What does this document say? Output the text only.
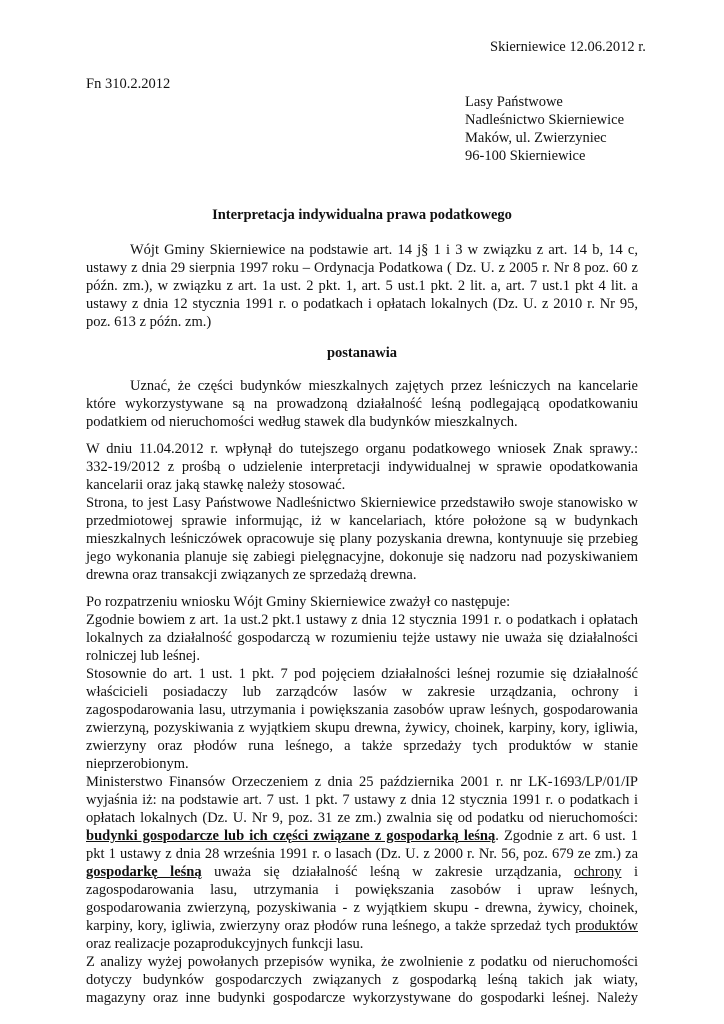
Skierniewice 12.06.2012 r.
Fn 310.2.2012
Lasy Państwowe
Nadleśnictwo Skierniewice
Maków, ul. Zwierzyniec
96-100 Skierniewice
Interpretacja indywidualna prawa podatkowego
Wójt Gminy Skierniewice na podstawie art. 14 j§ 1 i 3 w związku z art. 14 b, 14 c,
ustawy z dnia 29 sierpnia 1997 roku – Ordynacja Podatkowa ( Dz. U. z 2005 r. Nr 8 poz. 60 z
późn. zm.), w związku z art. 1a ust. 2 pkt. 1, art. 5 ust.1 pkt. 2 lit. a, art. 7 ust.1 pkt 4 lit. a
ustawy z dnia 12 stycznia 1991 r. o podatkach i opłatach lokalnych (Dz. U. z 2010 r. Nr 95,
poz. 613 z późn. zm.)
postanawia
Uznać, że części budynków mieszkalnych zajętych przez leśniczych na kancelarie
które wykorzystywane są na prowadzoną działalność leśną podlegającą opodatkowaniu
podatkiem od nieruchomości według stawek dla budynków mieszkalnych.
W dniu 11.04.2012 r. wpłynął do tutejszego organu podatkowego wniosek Znak sprawy.:
332-19/2012 z prośbą o udzielenie interpretacji indywidualnej w sprawie opodatkowania
kancelarii oraz jaką stawkę należy stosować.
Strona, to jest Lasy Państwowe Nadleśnictwo Skierniewice przedstawiło swoje stanowisko w
przedmiotowej sprawie informując, iż w kancelariach, które położone są w budynkach
mieszkalnych leśniczówek opracowuje się plany pozyskania drewna, kontynuuje się przebieg
jego wykonania planuje się zabiegi pielęgnacyjne, dokonuje się nadzoru nad pozyskiwaniem
drewna oraz transakcji związanych ze sprzedażą drewna.
Po rozpatrzeniu wniosku Wójt Gminy Skierniewice zważył co następuje:
Zgodnie bowiem z art. 1a ust.2 pkt.1 ustawy z dnia 12 stycznia 1991 r. o podatkach i opłatach
lokalnych za działalność gospodarczą w rozumieniu tejże ustawy nie uważa się działalności
rolniczej lub leśnej.
Stosownie do art. 1 ust. 1 pkt. 7 pod pojęciem działalności leśnej rozumie się działalność
właścicieli posiadaczy lub zarządców lasów w zakresie urządzania, ochrony i
zagospodarowania lasu, utrzymania i powiększania zasobów upraw leśnych, gospodarowania
zwierzyną, pozyskiwania z wyjątkiem skupu drewna, żywicy, choinek, karpiny, kory, igliwia,
zwierzyny oraz płodów runa leśnego, a także sprzedaży tych produktów w stanie
nieprzerobionym.
Ministerstwo Finansów Orzeczeniem z dnia 25 października 2001 r. nr LK-1693/LP/01/IP
wyjaśnia iż: na podstawie art. 7 ust. 1 pkt. 7 ustawy z dnia 12 stycznia 1991 r. o podatkach i
opłatach lokalnych (Dz. U. Nr 9, poz. 31 ze zm.) zwalnia się od podatku od nieruchomości:
budynki gospodarcze lub ich części związane z gospodarką leśną. Zgodnie z art. 6 ust. 1
pkt 1 ustawy z dnia 28 września 1991 r. o lasach (Dz. U. z 2000 r. Nr. 56, poz. 679 ze zm.) za
gospodarkę leśną uważa się działalność leśną w zakresie urządzania, ochrony i
zagospodarowania lasu, utrzymania i powiększania zasobów i upraw leśnych,
gospodarowania zwierzyną, pozyskiwania - z wyjątkiem skupu - drewna, żywicy, choinek,
karpiny, kory, igliwia, zwierzyny oraz płodów runa leśnego, a także sprzedaż tych produktów
oraz realizacje pozaprodukcyjnych funkcji lasu.
Z analizy wyżej powołanych przepisów wynika, że zwolnienie z podatku od nieruchomości
dotyczy budynków gospodarczych związanych z gospodarką leśną takich jak wiaty,
magazyny oraz inne budynki gospodarcze wykorzystywane do gospodarki leśnej. Należy
